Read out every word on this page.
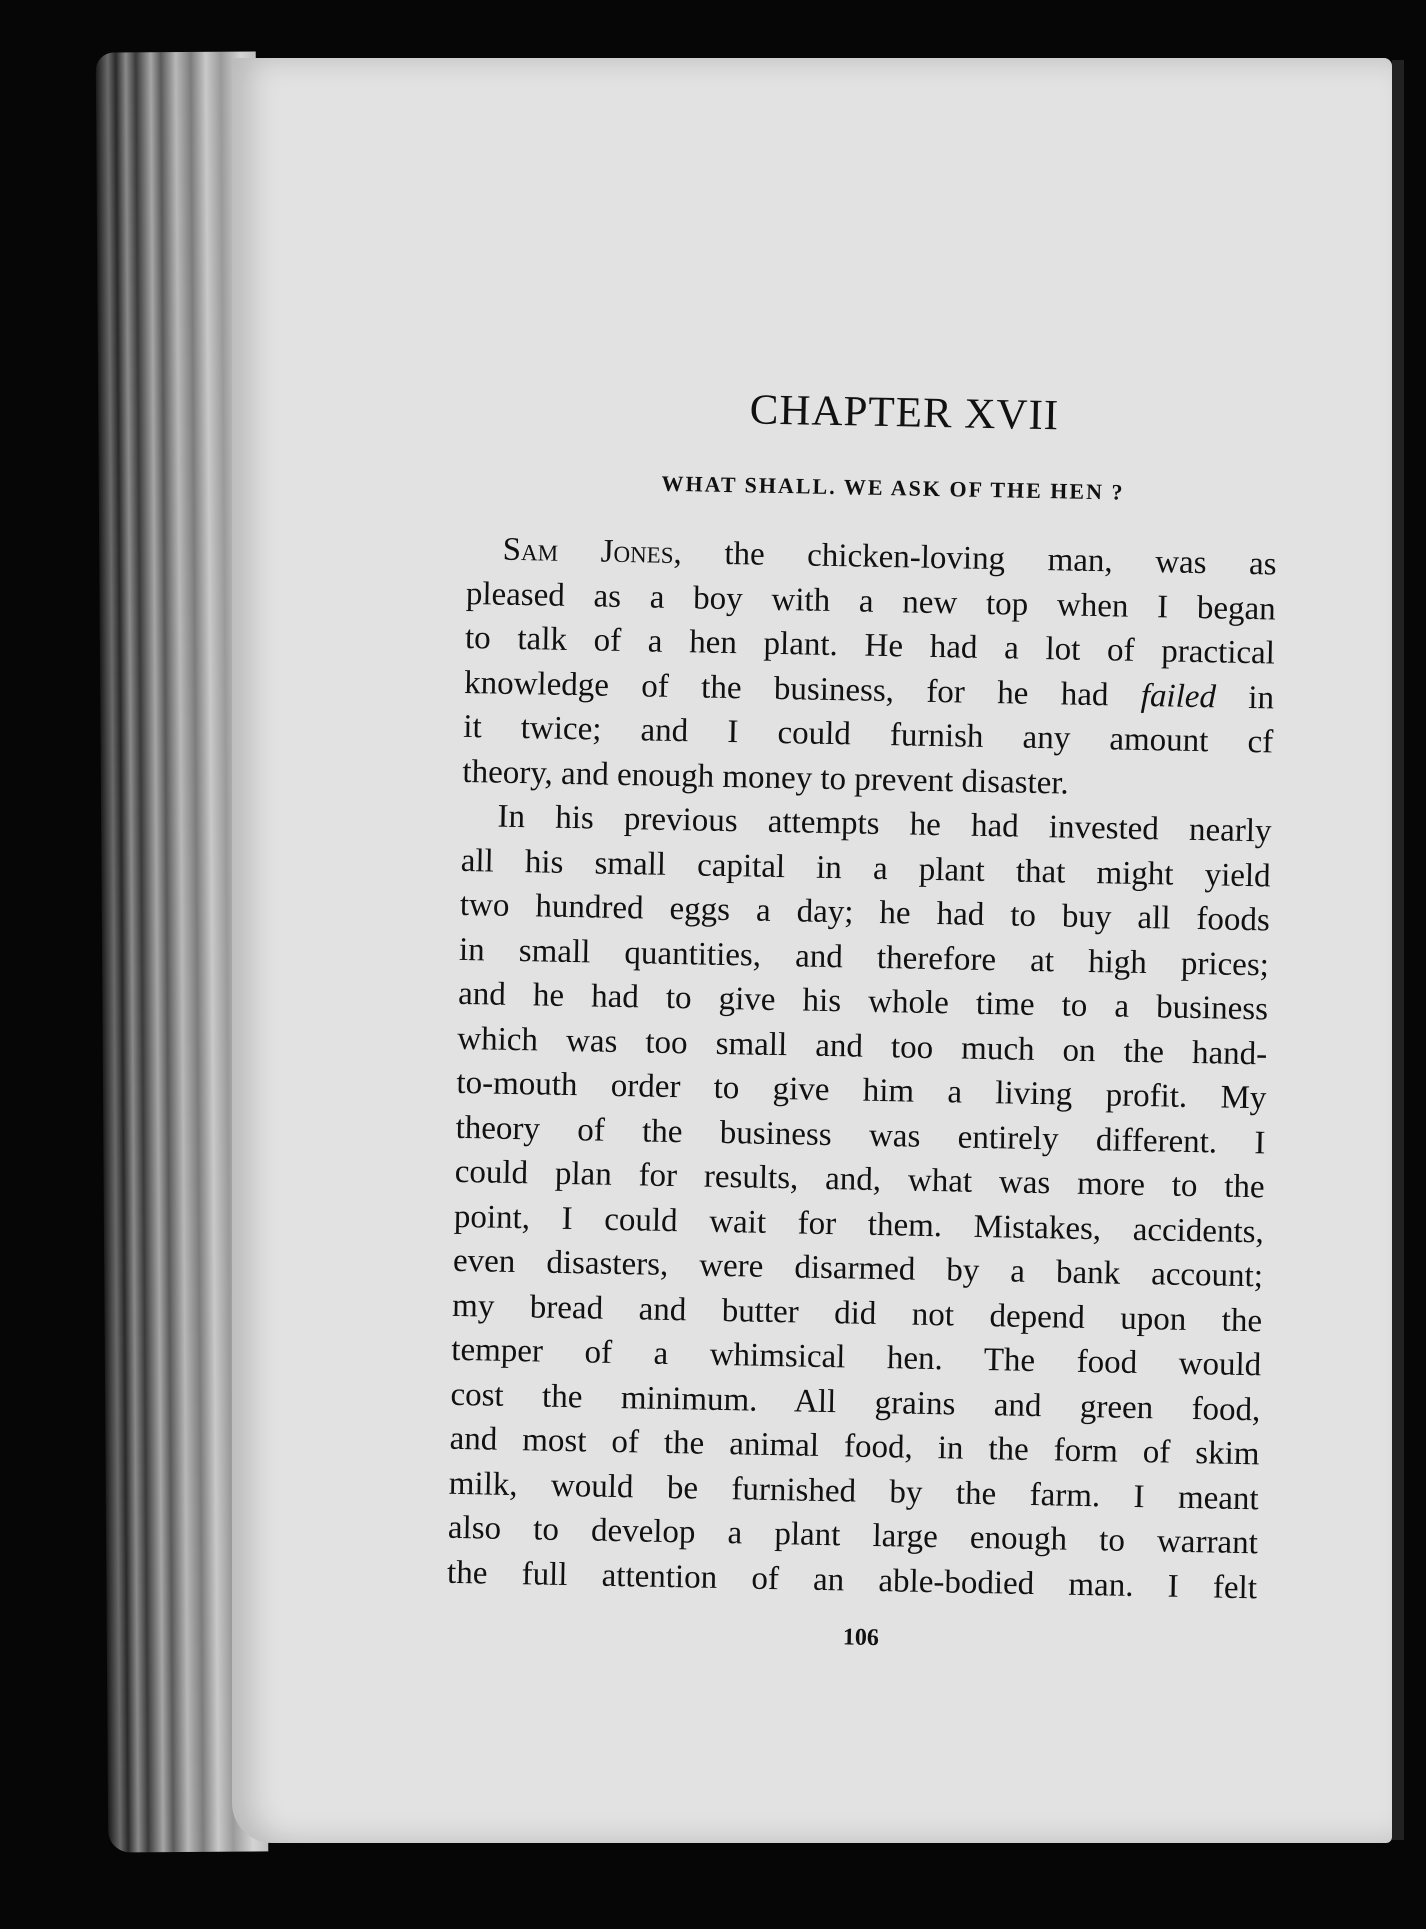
CHAPTER XVII
WHAT SHALL. WE ASK OF THE HEN ?

Sam Jones, the chicken-loving man, was as
pleased as a boy with a new top when I began
to talk of a hen plant. He had a lot of practical
knowledge of the business, for he had failed in
it twice; and I could furnish any amount cf
theory, and enough money to prevent disaster.

In his previous attempts he had invested nearly
all his small capital in a plant that might yield
two hundred eggs a day; he had to buy all foods
in small quantities, and therefore at high prices;
and he had to give his whole time to a business
which was too small and too much on the hand-
to-mouth order to give him a living profit. My
theory of the business was entirely different. I
could plan for results, and, what was more to the
point, I could wait for them. Mistakes, accidents,
even disasters, were disarmed by a bank account;
my bread and butter did not depend upon the
temper of a whimsical hen. The food would
cost the minimum. All grains and green food,
and most of the animal food, in the form of skim
milk, would be furnished by the farm. I meant
also to develop a plant large enough to warrant
the full attention of an able-bodied man. I felt

106
